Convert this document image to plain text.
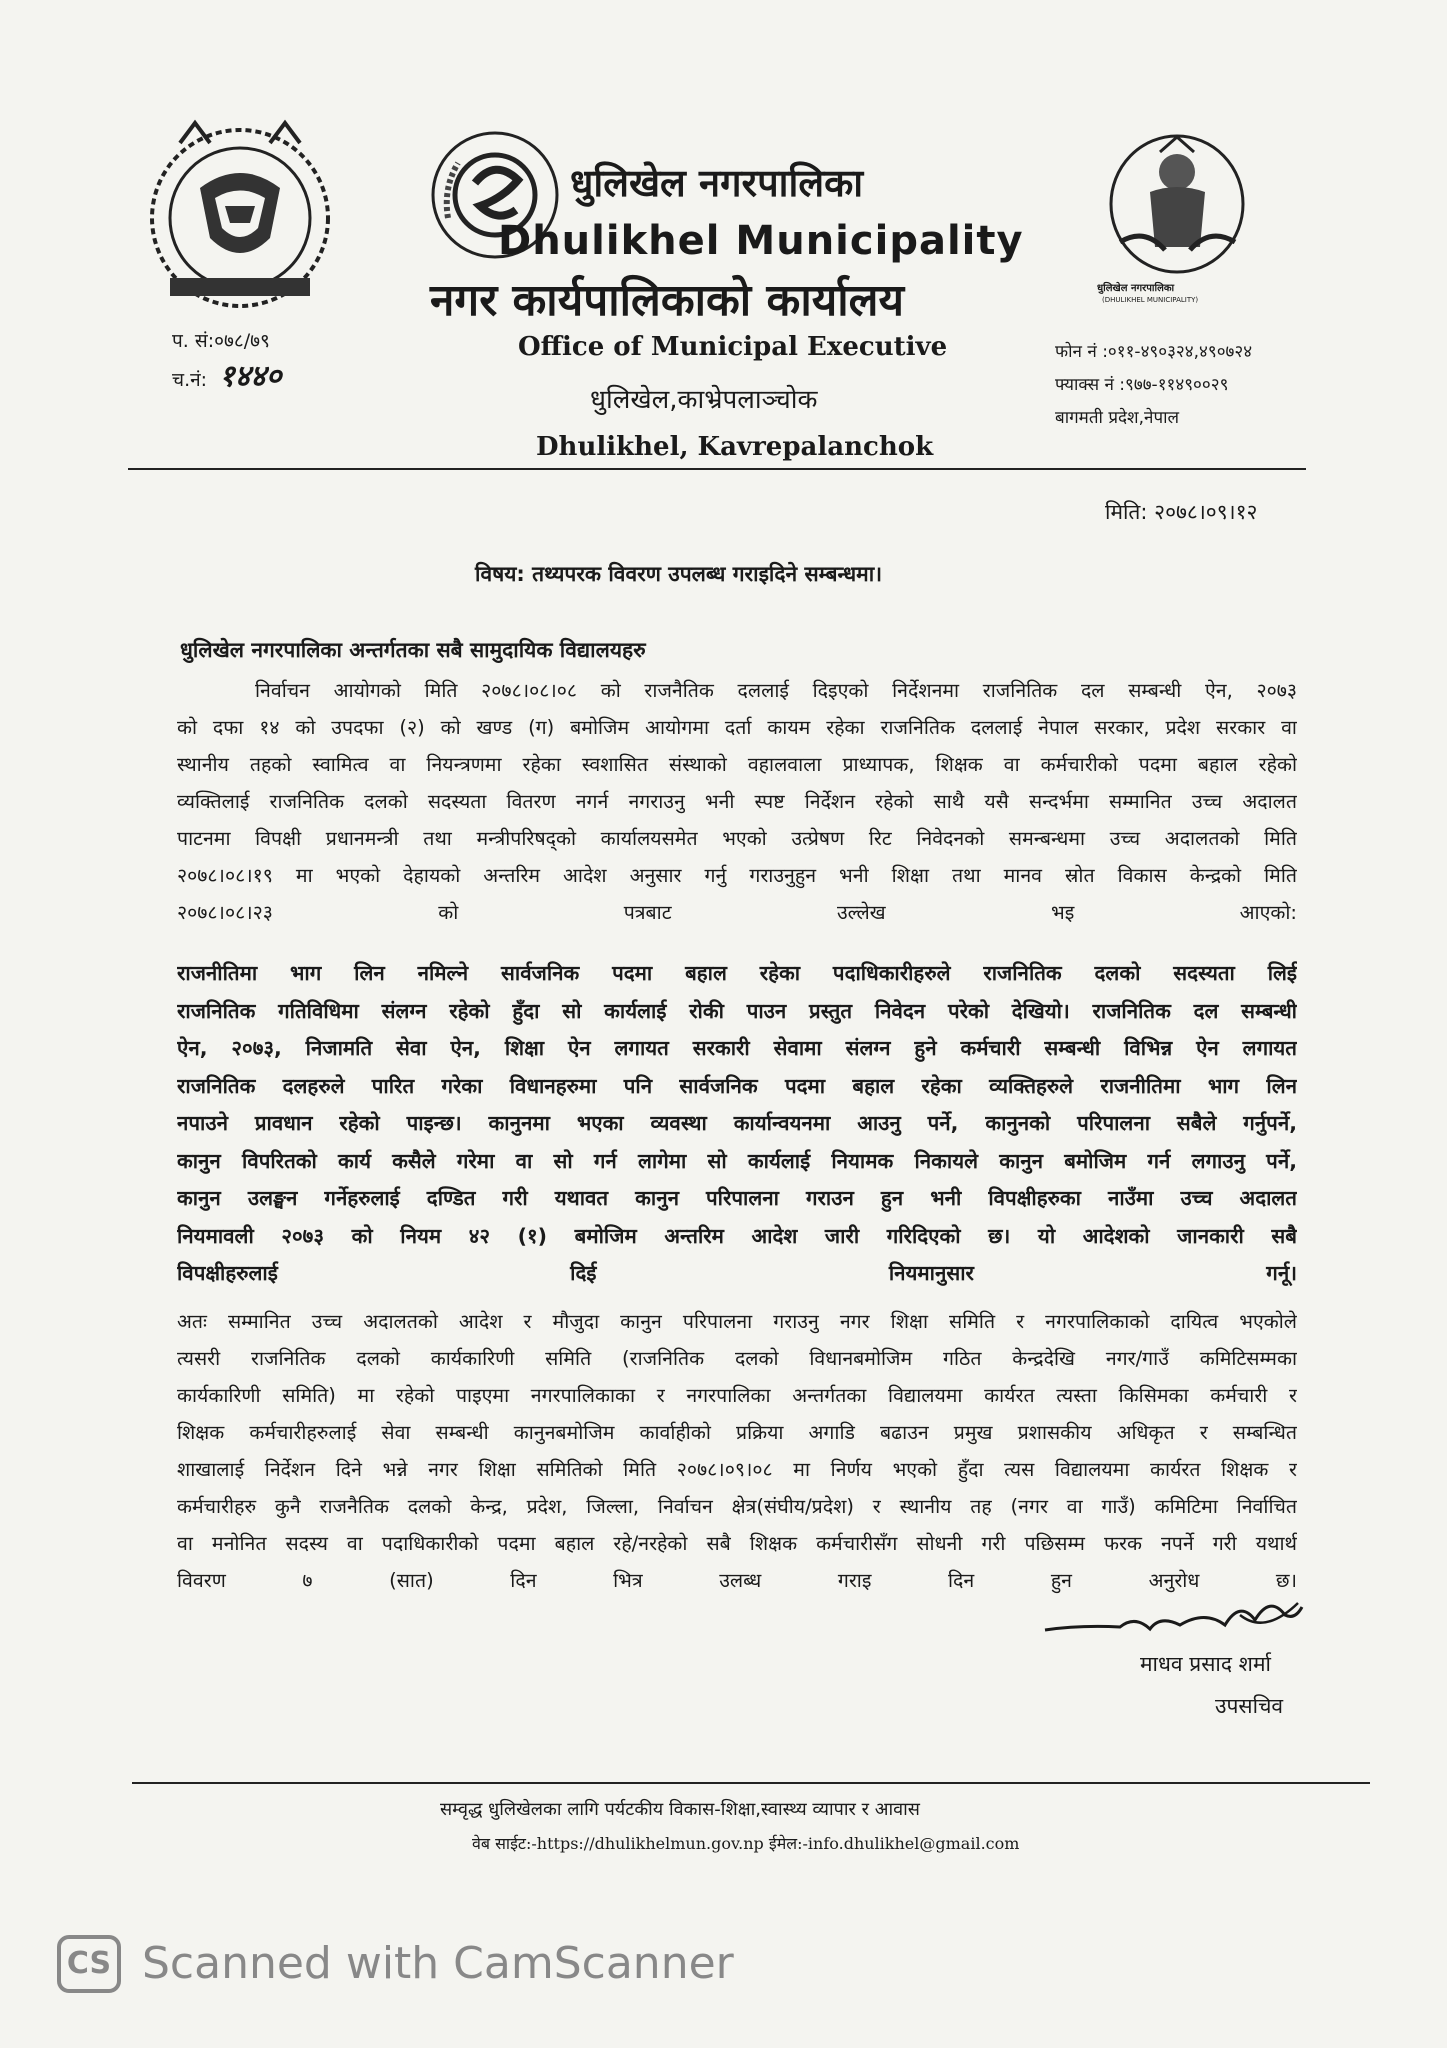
धुलिखेल नगरपालिका
(DHULIKHEL MUNICIPALITY)
धुलिखेल नगरपालिका
Dhulikhel Municipality
नगर कार्यपालिकाको कार्यालय
Office of Municipal Executive
धुलिखेल,काभ्रेपलाञ्चोक
Dhulikhel, Kavrepalanchok
प. सं:०७८/७९
च.नं: १४४०
फोन नं :०११-४९०३२४,४९०७२४
फ्याक्स नं :९७७-११४९००२९
बागमती प्रदेश,नेपाल
मिति: २०७८।०९।१२
विषय: तथ्यपरक विवरण उपलब्ध गराइदिने सम्बन्धमा।
धुलिखेल नगरपालिका अन्तर्गतका सबै सामुदायिक विद्यालयहरु
निर्वाचन आयोगको मिति २०७८।०८।०८ को राजनैतिक दललाई दिइएको निर्देशनमा राजनितिक दल सम्बन्धी ऐन, २०७३
को दफा १४ को उपदफा (२) को खण्ड (ग) बमोजिम आयोगमा दर्ता कायम रहेका राजनितिक दललाई नेपाल सरकार, प्रदेश सरकार वा
स्थानीय तहको स्वामित्व वा नियन्त्रणमा रहेका स्वशासित संस्थाको वहालवाला प्राध्यापक, शिक्षक वा कर्मचारीको पदमा बहाल रहेको
व्यक्तिलाई राजनितिक दलको सदस्यता वितरण नगर्न नगराउनु भनी स्पष्ट निर्देशन रहेको साथै यसै सन्दर्भमा सम्मानित उच्च अदालत
पाटनमा विपक्षी प्रधानमन्त्री तथा मन्त्रीपरिषद्को कार्यालयसमेत भएको उत्प्रेषण रिट निवेदनको समन्बन्धमा उच्च अदालतको मिति
२०७८।०८।१९ मा भएको देहायको अन्तरिम आदेश अनुसार गर्नु गराउनुहुन भनी शिक्षा तथा मानव स्रोत विकास केन्द्रको मिति
२०७८।०८।२३ को पत्रबाट उल्लेख भइ आएको:
राजनीतिमा भाग लिन नमिल्ने सार्वजनिक पदमा बहाल रहेका पदाधिकारीहरुले राजनितिक दलको सदस्यता लिई
राजनितिक गतिविधिमा संलग्न रहेको हुँदा सो कार्यलाई रोकी पाउन प्रस्तुत निवेदन परेको देखियो। राजनितिक दल सम्बन्धी
ऐन, २०७३, निजामति सेवा ऐन, शिक्षा ऐन लगायत सरकारी सेवामा संलग्न हुने कर्मचारी सम्बन्धी विभिन्न ऐन लगायत
राजनितिक दलहरुले पारित गरेका विधानहरुमा पनि सार्वजनिक पदमा बहाल रहेका व्यक्तिहरुले राजनीतिमा भाग लिन
नपाउने प्रावधान रहेको पाइन्छ। कानुनमा भएका व्यवस्था कार्यान्वयनमा आउनु पर्ने, कानुनको परिपालना सबैले गर्नुपर्ने,
कानुन विपरितको कार्य कसैले गरेमा वा सो गर्न लागेमा सो कार्यलाई नियामक निकायले कानुन बमोजिम गर्न लगाउनु पर्ने,
कानुन उलङ्घन गर्नेहरुलाई दण्डित गरी यथावत कानुन परिपालना गराउन हुन भनी विपक्षीहरुका नाउँमा उच्च अदालत
नियमावली २०७३ को नियम ४२ (१) बमोजिम अन्तरिम आदेश जारी गरिदिएको छ। यो आदेशको जानकारी सबै
विपक्षीहरुलाई दिई नियमानुसार गर्नू।
अतः सम्मानित उच्च अदालतको आदेश र मौजुदा कानुन परिपालना गराउनु नगर शिक्षा समिति र नगरपालिकाको दायित्व भएकोले
त्यसरी राजनितिक दलको कार्यकारिणी समिति (राजनितिक दलको विधानबमोजिम गठित केन्द्रदेखि नगर/गाउँ कमिटिसम्मका
कार्यकारिणी समिति) मा रहेको पाइएमा नगरपालिकाका र नगरपालिका अन्तर्गतका विद्यालयमा कार्यरत त्यस्ता किसिमका कर्मचारी र
शिक्षक कर्मचारीहरुलाई सेवा सम्बन्धी कानुनबमोजिम कार्वाहीको प्रक्रिया अगाडि बढाउन प्रमुख प्रशासकीय अधिकृत र सम्बन्धित
शाखालाई निर्देशन दिने भन्ने नगर शिक्षा समितिको मिति २०७८।०९।०८ मा निर्णय भएको हुँदा त्यस विद्यालयमा कार्यरत शिक्षक र
कर्मचारीहरु कुनै राजनैतिक दलको केन्द्र, प्रदेश, जिल्ला, निर्वाचन क्षेत्र(संघीय/प्रदेश) र स्थानीय तह (नगर वा गाउँ) कमिटिमा निर्वाचित
वा मनोनित सदस्य वा पदाधिकारीको पदमा बहाल रहे/नरहेको सबै शिक्षक कर्मचारीसँग सोधनी गरी पछिसम्म फरक नपर्ने गरी यथार्थ
विवरण ७ (सात) दिन भित्र उलब्ध गराइ दिन हुन अनुरोध छ।
माधव प्रसाद शर्मा
उपसचिव
सम्वृद्ध धुलिखेलका लागि पर्यटकीय विकास-शिक्षा,स्वास्थ्य व्यापार र आवास
वेब साईट:-https://dhulikhelmun.gov.np ईमेल:-info.dhulikhel@gmail.com
CS Scanned with CamScanner
